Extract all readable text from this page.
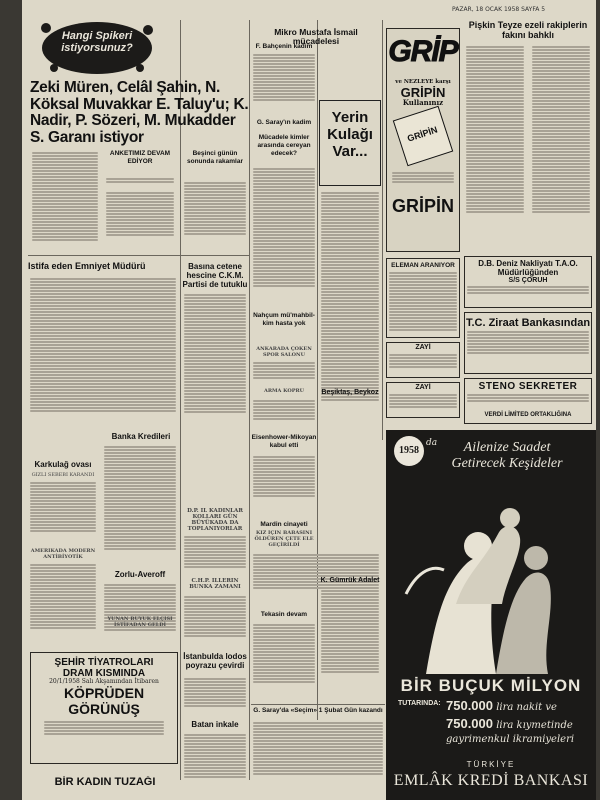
PAZAR, 18 OCAK 1958 SAYFA 5
Hangi Spikeri istiyorsunuz?
Zeki Müren, Celâl Şahin, N. Köksal Muvakkar E. Taluy'u; K. Nadir, P. Sözeri, M. Mukadder S. Garanı istiyor

ANKETİMİZ DEVAM EDİYOR

Beşinci günün sonunda rakamlar

İstifa eden Emniyet Müdürü

Banka Kredileri

Karkulağ ovası
GİZLİ SEBEBİ KARANDİ

AMERİKADA MODERN ANTİBİYOTİK

Zorlu-Averoff

YUNAN BÜYÜK ELÇİSİ İSTİFADAN GELDİ
ŞEHİR TİYATROLARI
DRAM KISMINDA
20/1/1958 Salı Akşamından İtibaren
KÖPRÜDEN
GÖRÜNÜŞ

BİR KADIN TUZAĞI
Basına cetene hescine C.K.M. Partisi de tutuklu

D.P. İL KADINLAR KOLLARI GÜN BÜYÜKADA DA TOPLANIYORLAR

C.H.P. İLLERİN BUNKA ZAMANI

İstanbulda lodos poyrazu çevirdi

Batan inkale

Mikro Mustafa İsmail mücadelesi
F. Bahçenin kadim

G. Saray'ın kadim
Mücadele kimler arasında cereyan edecek?

Nahçum mü'mahbil-kim hasta yok
ANKARADA ÇOKEN SPOR SALONU

ARMA KÖPRÜ

Eisenhower-Mikoyan kabul etti

Mardin cinayeti
KIZ İÇİN BABASINI ÖLDÜREN ÇETE ELE GEÇİRİLDİ

Tekasin devam

G. Saray'da «Seçim» 1 Şubat Gün kazandı

Yerin Kulağı Var...

Beşiktaş, Beykoz
K. Gümrük Adalet

GRİP
ve NEZLEYE karşı
GRİPİN
Kullanınız
GRİPİN

GRİPİN
ELEMAN ARANIYOR

ZAYİ

ZAYİ

Pişkin Teyze ezeli rakiplerin fakını bahklı

D.B. Deniz Nakliyatı T.A.O.
Müdürlüğünden
S/S ÇORUH

T.C. Ziraat Bankasından

STENO SEKRETER

VERDİ LİMİTED ORTAKLIĞINA
1958
da	Ailenize Saadet Getirecek Keşideler
BİR BUÇUK MİLYON
TUTARINDA: 750.000 lira nakit ve
750.000 lira kıymetinde
gayrimenkul ikramiyeleri
TÜRKİYE
EMLÂK KREDİ BANKASI
